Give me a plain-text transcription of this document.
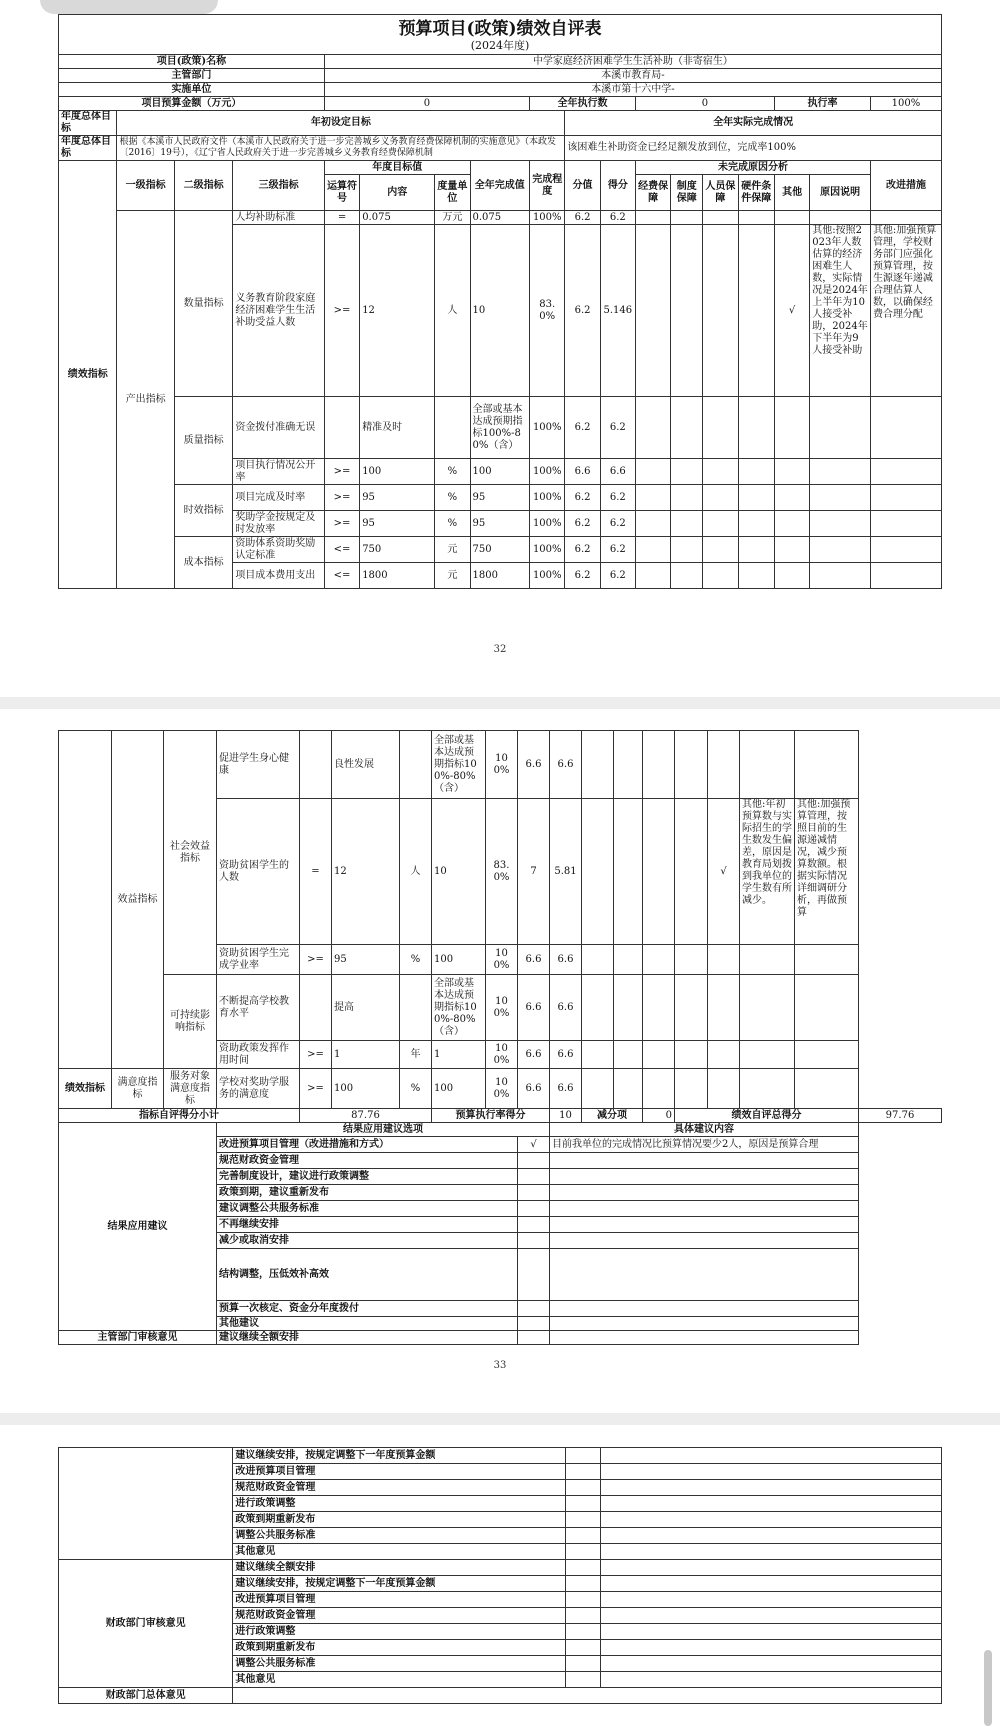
预算项目(政策)绩效自评表
(2024年度)																	

项目(政策)名称				中学家庭经济困难学生生活补助（非寄宿生）													
主管部门				本溪市教育局-													
实施单位				本溪市第十六中学-													
项目预算金额（万元）				0				全年执行数			0				执行率		100%
年度总体目标	年初设定目标								全年实际完成情况								
年度总体目标	根据《本溪市人民政府文件（本溪市人民政府关于进一步完善城乡义务教育经费保障机制的实施意见》（本政发〔2016〕19号），《辽宁省人民政府关于进一步完善城乡义务教育经费保障机制								该困难生补助资金已经足额发放到位，完成率100%								
绩效指标	一级指标	二级指标	三级指标	年度目标值			全年完成值	完成程度	分值	得分	未完成原因分析						改进措施
				运算符号	内容	度量单位					经费保障	制度保障	人员保障	硬件条件保障	其他	原因说明	
	产出指标	数量指标	人均补助标准	=	0.075	万元	0.075	100%	6.2	6.2							
			义务教育阶段家庭经济困难学生生活补助受益人数	>=	12	人	10	83.0%	6.2	5.146					√	其他:按照2023年人数估算的经济困难生人数，实际情况是2024年上半年为10人接受补助，2024年下半年为9人接受补助	其他:加强预算管理，学校财务部门应强化预算管理，按生源逐年递减合理估算人数，以确保经费合理分配
		质量指标	资金拨付准确无误		精准及时		全部或基本达成预期指标100%-80%（含）	100%	6.2	6.2							
			项目执行情况公开率	>=	100	%	100	100%	6.6	6.6							
		时效指标	项目完成及时率	>=	95	%	95	100%	6.2	6.2							
			奖助学金按规定及时发放率	>=	95	%	95	100%	6.2	6.2							
		成本指标	资助体系资助奖励认定标准	<=	750	元	750	100%	6.2	6.2							
			项目成本费用支出	<=	1800	元	1800	100%	6.2	6.2							
32
	效益指标	社会效益指标	促进学生身心健康		良性发展		全部或基本达成预期指标100%-80%（含）	100%	6.6	6.6								
			资助贫困学生的人数	=	12	人	10	83.0%	7	5.81					√	其他:年初预算数与实际招生的学生数发生偏差，原因是教育局划拨到我单位的学生数有所减少。	其他:加强预算管理，按照目前的生源递减情况，减少预算数额。根据实际情况详细调研分析，再做预算	
			资助贫困学生完成学业率	>=	95	%	100	100%	6.6	6.6								
		可持续影响指标	不断提高学校教育水平		提高		全部或基本达成预期指标100%-80%（含）	100%	6.6	6.6								
			资助政策发挥作用时间	>=	1	年	1	100%	6.6	6.6								
绩效指标	满意度指标	服务对象满意度指标	学校对奖助学服务的满意度	>=	100	%	100	100%	6.6	6.6								
指标自评得分小计				87.76			预算执行率得分			10	减分项		0	绩效自评总得分				97.76
结果应用建议			结果应用建议选项							具体建议内容								
			改进预算项目管理（改进措施和方式）						√	目前我单位的完成情况比预算情况要少2人，原因是预算合理								
			规范财政资金管理															
			完善制度设计，建议进行政策调整															
			政策到期，建议重新发布															
			建议调整公共服务标准															
			不再继续安排															
			减少或取消安排															
			结构调整，压低效补高效															
			预算一次核定、资金分年度拨付															
			其他建议															
主管部门审核意见			建议继续全额安排															
33
	建议继续安排，按规定调整下一年度预算金额		
	改进预算项目管理		
	规范财政资金管理		
	进行政策调整		
	政策到期重新发布		
	调整公共服务标准		
	其他意见		
财政部门审核意见	建议继续全额安排		
	建议继续安排，按规定调整下一年度预算金额		
	改进预算项目管理		
	规范财政资金管理		
	进行政策调整		
	政策到期重新发布		
	调整公共服务标准		
	其他意见		
财政部门总体意见			
